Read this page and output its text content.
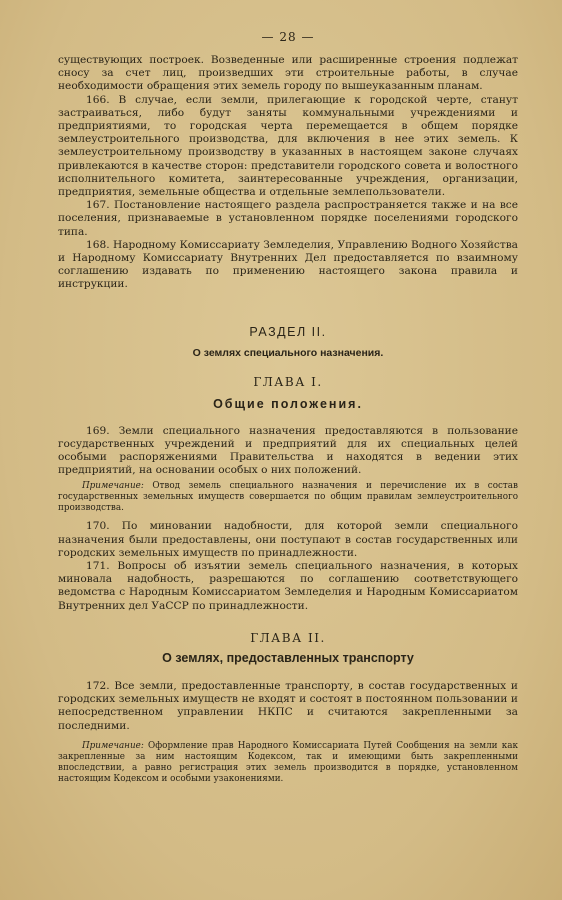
— 28 —

существующих построек. Возведенные или расширенные строения подлежат сносу за счет лиц, произведших эти строительные работы, в случае необходимости обращения этих земель городу по вышеуказанным планам.

166. В случае, если земли, прилегающие к городской черте, станут застраиваться, либо будут заняты коммунальными учреждениями и предприятиями, то городская черта перемещается в общем порядке землеустроительного производства, для включения в нее этих земель. К землеустроительному производству в указанных в настоящем законе случаях привлекаются в качестве сторон: представители городского совета и волостного исполнительного комитета, заинтересованные учреждения, организации, предприятия, земельные общества и отдельные землепользователи.

167. Постановление настоящего раздела распространяется также и на все поселения, признаваемые в установленном порядке поселениями городского типа.

168. Народному Комиссариату Земледелия, Управлению Водного Хозяйства и Народному Комиссариату Внутренних Дел предоставляется по взаимному соглашению издавать по применению настоящего закона правила и инструкции.

РАЗДЕЛ II.
О землях специального назначения.
ГЛАВА I.
Общие положения.

169. Земли специального назначения предоставляются в пользование государственных учреждений и предприятий для их специальных целей особыми распоряжениями Правительства и находятся в ведении этих предприятий, на основании особых о них положений.

Примечание: Отвод земель специального назначения и перечисление их в состав государственных земельных имуществ совершается по общим правилам землеустроительного производства.

170. По миновании надобности, для которой земли специального назначения были предоставлены, они поступают в состав государственных или городских земельных имуществ по принадлежности.

171. Вопросы об изъятии земель специального назначения, в которых миновала надобность, разрешаются по соглашению соответствующего ведомства с Народным Комиссариатом Земледелия и Народным Комиссариатом Внутренних дел УаССР по принадлежности.

ГЛАВА II.
О землях, предоставленных транспорту

172. Все земли, предоставленные транспорту, в состав государственных и городских земельных имуществ не входят и состоят в постоянном пользовании и непосредственном управлении НКПС и считаются закрепленными за последними.

Примечание: Оформление прав Народного Комиссариата Путей Сообщения на земли как закрепленные за ним настоящим Кодексом, так и имеющими быть закрепленными впоследствии, а равно регистрация этих земель производится в порядке, установленном настоящим Кодексом и особыми узаконениями.
